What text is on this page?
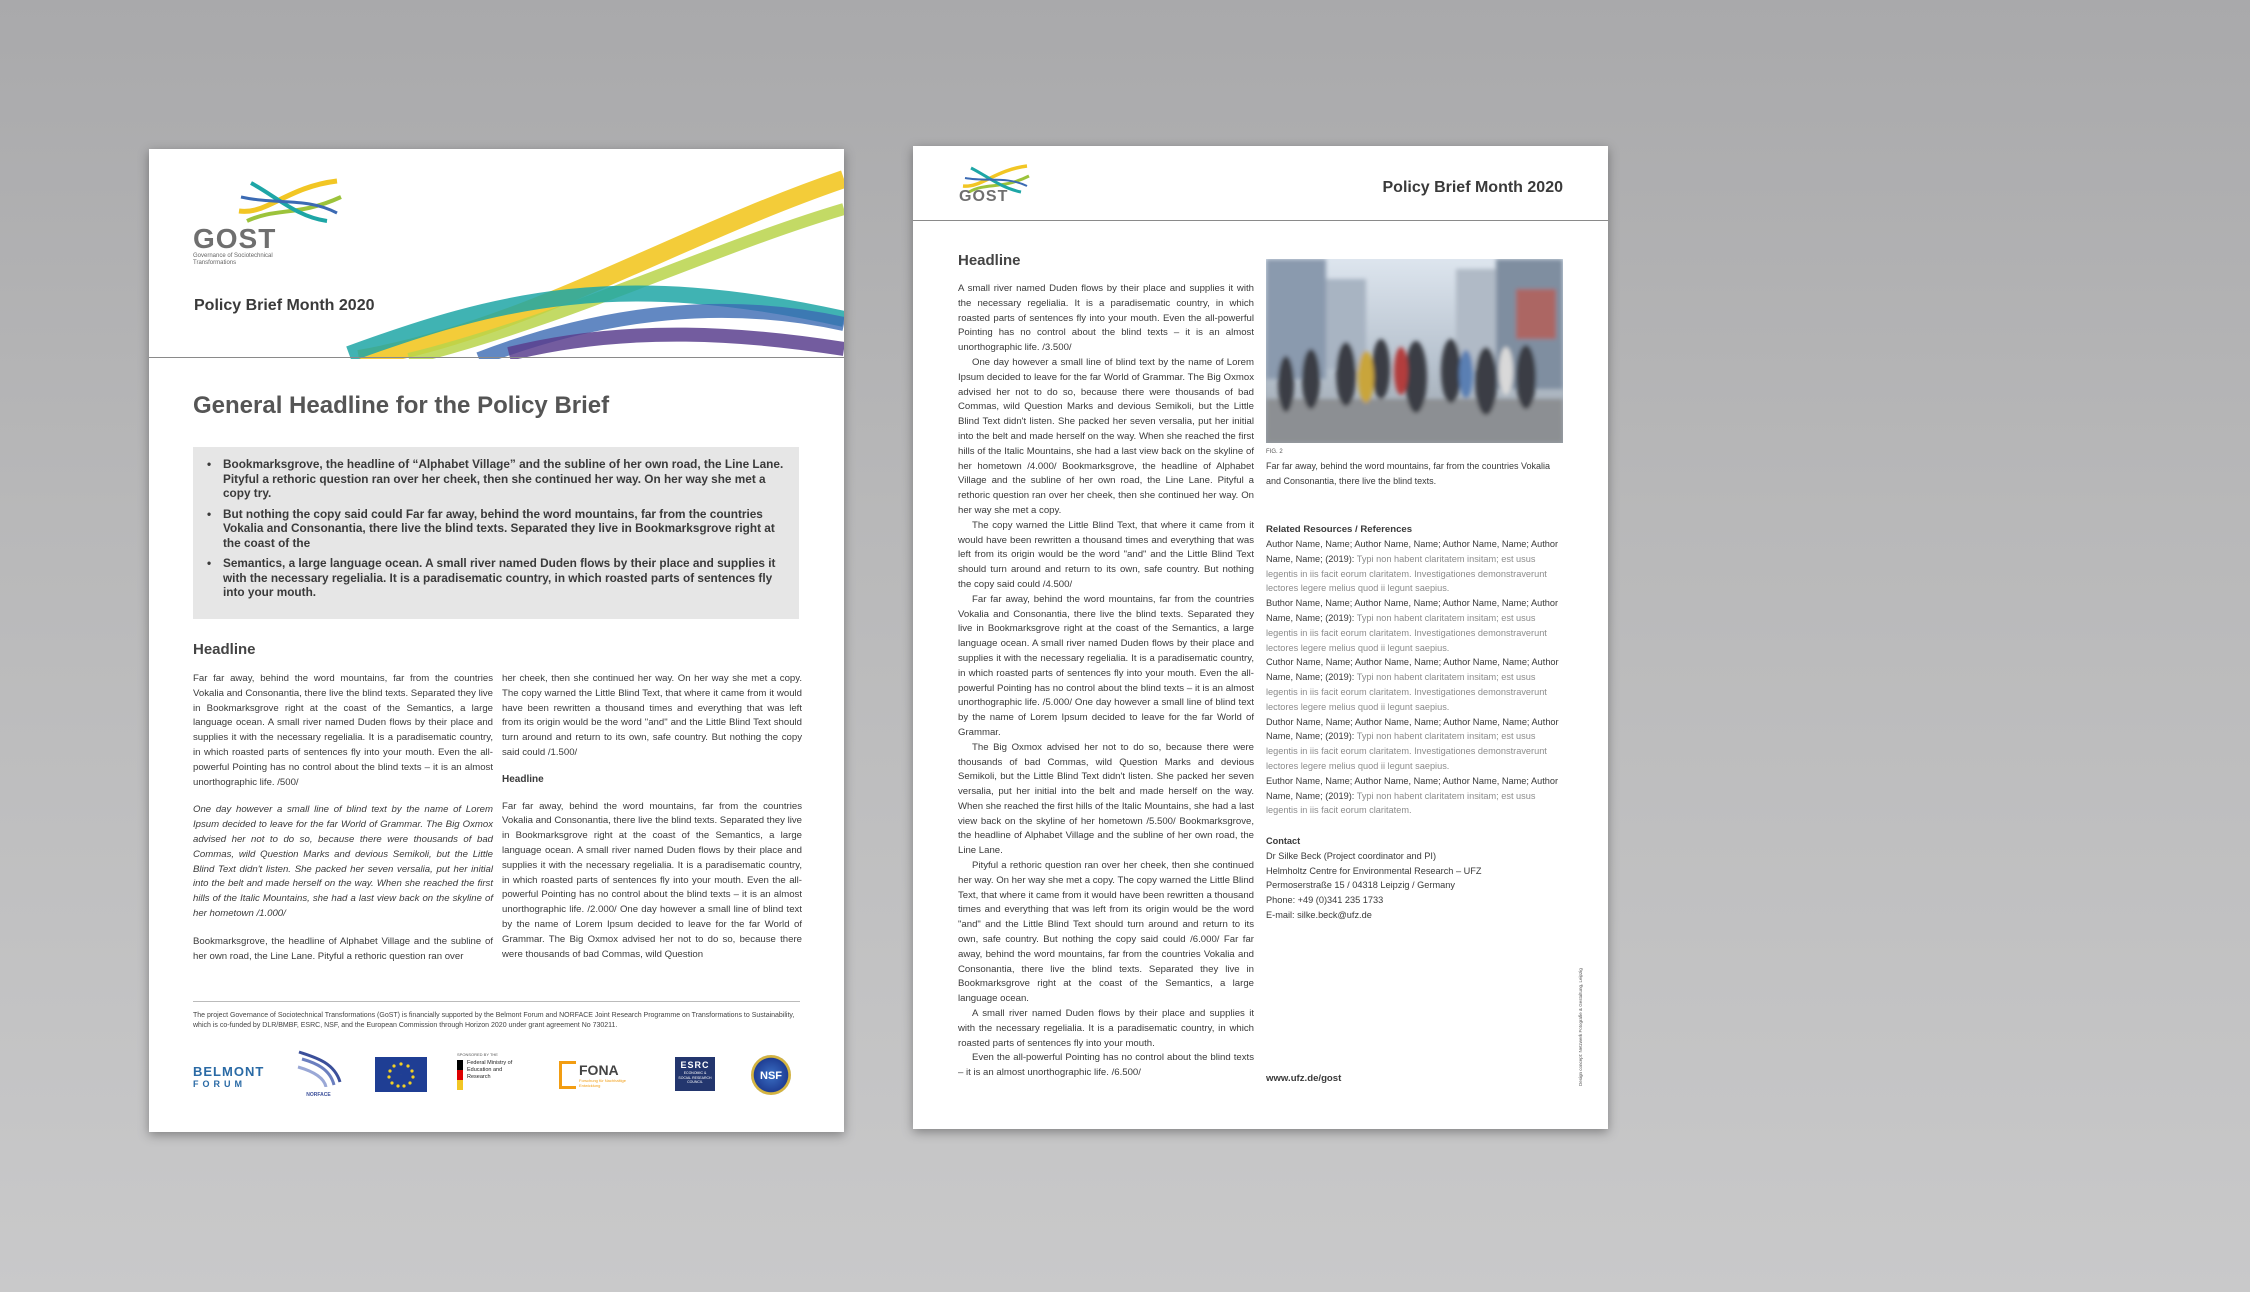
GOST
Governance of Sociotechnical Transformations
Policy Brief Month 2020
General Headline for the Policy Brief
• Bookmarksgrove, the headline of “Alphabet Village” and the subline of her own road, the Line Lane. Pityful a rethoric question ran over her cheek, then she continued her way. On her way she met a copy try.
• But nothing the copy said could Far far away, behind the word mountains, far from the countries Vokalia and Consonantia, there live the blind texts. Separated they live in Bookmarksgrove right at the coast of the
• Semantics, a large language ocean. A small river named Duden flows by their place and supplies it with the necessary regelialia. It is a paradisematic country, in which roasted parts of sentences fly into your mouth.
Headline

Far far away, behind the word mountains, far from the countries Vokalia and Consonantia, there live the blind texts. Separated they live in Bookmarksgrove right at the coast of the Semantics, a large language ocean. A small river named Duden flows by their place and supplies it with the necessary regelialia. It is a paradisematic country, in which roasted parts of sentences fly into your mouth. Even the all-powerful Pointing has no control about the blind texts – it is an almost unorthographic life. /500/

One day however a small line of blind text by the name of Lorem Ipsum decided to leave for the far World of Grammar. The Big Oxmox advised her not to do so, because there were thousands of bad Commas, wild Question Marks and devious Semikoli, but the Little Blind Text didn't listen. She packed her seven versalia, put her initial into the belt and made herself on the way. When she reached the first hills of the Italic Mountains, she had a last view back on the skyline of her hometown /1.000/

Bookmarksgrove, the headline of Alphabet Village and the subline of her own road, the Line Lane. Pityful a rethoric question ran over

her cheek, then she continued her way. On her way she met a copy. The copy warned the Little Blind Text, that where it came from it would have been rewritten a thousand times and everything that was left from its origin would be the word "and" and the Little Blind Text should turn around and return to its own, safe country. But nothing the copy said could /1.500/

Headline

Far far away, behind the word mountains, far from the countries Vokalia and Consonantia, there live the blind texts. Separated they live in Bookmarksgrove right at the coast of the Semantics, a large language ocean. A small river named Duden flows by their place and supplies it with the necessary regelialia. It is a paradisematic country, in which roasted parts of sentences fly into your mouth. Even the all-powerful Pointing has no control about the blind texts – it is an almost unorthographic life. /2.000/ One day however a small line of blind text by the name of Lorem Ipsum decided to leave for the far World of Grammar. The Big Oxmox advised her not to do so, because there were thousands of bad Commas, wild Question

The project Governance of Sociotechnical Transformations (GoST) is financially supported by the Belmont Forum and NORFACE Joint Research Programme on Transformations to Sustainability, which is co-funded by DLR/BMBF, ESRC, NSF, and the European Commission through Horizon 2020 under grant agreement No 730211.
BELMONT
FORUM
NORFACE
SPONSORED BY THE
Federal Ministry of Education and Research	FONA
Forschung für Nachhaltige Entwicklung
ESRC
ECONOMIC & SOCIAL RESEARCH COUNCIL	NSF
GOST
Policy Brief Month 2020
Headline

A small river named Duden flows by their place and supplies it with the necessary regelialia. It is a paradisematic country, in which roasted parts of sentences fly into your mouth. Even the all-powerful Pointing has no control about the blind texts – it is an almost unorthographic life. /3.500/

One day however a small line of blind text by the name of Lorem Ipsum decided to leave for the far World of Grammar. The Big Oxmox advised her not to do so, because there were thousands of bad Commas, wild Question Marks and devious Semikoli, but the Little Blind Text didn't listen. She packed her seven versalia, put her initial into the belt and made herself on the way. When she reached the first hills of the Italic Mountains, she had a last view back on the skyline of her hometown /4.000/ Bookmarksgrove, the headline of Alphabet Village and the subline of her own road, the Line Lane. Pityful a rethoric question ran over her cheek, then she continued her way. On her way she met a copy.

The copy warned the Little Blind Text, that where it came from it would have been rewritten a thousand times and everything that was left from its origin would be the word "and" and the Little Blind Text should turn around and return to its own, safe country. But nothing the copy said could /4.500/

Far far away, behind the word mountains, far from the countries Vokalia and Consonantia, there live the blind texts. Separated they live in Bookmarksgrove right at the coast of the Semantics, a large language ocean. A small river named Duden flows by their place and supplies it with the necessary regelialia. It is a paradisematic country, in which roasted parts of sentences fly into your mouth. Even the all-powerful Pointing has no control about the blind texts – it is an almost unorthographic life. /5.000/ One day however a small line of blind text by the name of Lorem Ipsum decided to leave for the far World of Grammar.

The Big Oxmox advised her not to do so, because there were thousands of bad Commas, wild Question Marks and devious Semikoli, but the Little Blind Text didn't listen. She packed her seven versalia, put her initial into the belt and made herself on the way. When she reached the first hills of the Italic Mountains, she had a last view back on the skyline of her hometown /5.500/ Bookmarksgrove, the headline of Alphabet Village and the subline of her own road, the Line Lane.

Pityful a rethoric question ran over her cheek, then she continued her way. On her way she met a copy. The copy warned the Little Blind Text, that where it came from it would have been rewritten a thousand times and everything that was left from its origin would be the word "and" and the Little Blind Text should turn around and return to its own, safe country. But nothing the copy said could /6.000/ Far far away, behind the word mountains, far from the countries Vokalia and Consonantia, there live the blind texts. Separated they live in Bookmarksgrove right at the coast of the Semantics, a large language ocean.

A small river named Duden flows by their place and supplies it with the necessary regelialia. It is a paradisematic country, in which roasted parts of sentences fly into your mouth.

Even the all-powerful Pointing has no control about the blind texts – it is an almost unorthographic life. /6.500/

FIG. 2
Far far away, behind the word mountains, far from the countries Vokalia and Consonantia, there live the blind texts.
Related Resources / References
Author Name, Name; Author Name, Name; Author Name, Name; Author Name, Name; (2019): Typi non habent claritatem insitam; est usus legentis in iis facit eorum claritatem. Investigationes demonstraverunt lectores legere melius quod ii legunt saepius.
Buthor Name, Name; Author Name, Name; Author Name, Name; Author Name, Name; (2019): Typi non habent claritatem insitam; est usus legentis in iis facit eorum claritatem. Investigationes demonstraverunt lectores legere melius quod ii legunt saepius.
Cuthor Name, Name; Author Name, Name; Author Name, Name; Author Name, Name; (2019): Typi non habent claritatem insitam; est usus legentis in iis facit eorum claritatem. Investigationes demonstraverunt lectores legere melius quod ii legunt saepius.
Duthor Name, Name; Author Name, Name; Author Name, Name; Author Name, Name; (2019): Typi non habent claritatem insitam; est usus legentis in iis facit eorum claritatem. Investigationes demonstraverunt lectores legere melius quod ii legunt saepius.
Euthor Name, Name; Author Name, Name; Author Name, Name; Author Name, Name; (2019): Typi non habent claritatem insitam; est usus legentis in iis facit eorum claritatem.
Contact
Dr Silke Beck (Project coordinator and PI)
Helmholtz Centre for Environmental Research – UFZ
Permoserstraße 15 / 04318 Leipzig / Germany
Phone: +49 (0)341 235 1733
E-mail: silke.beck@ufz.de
www.ufz.de/gost	Design concept: Netzwerk Fotografie & Gestaltung, Leipzig
